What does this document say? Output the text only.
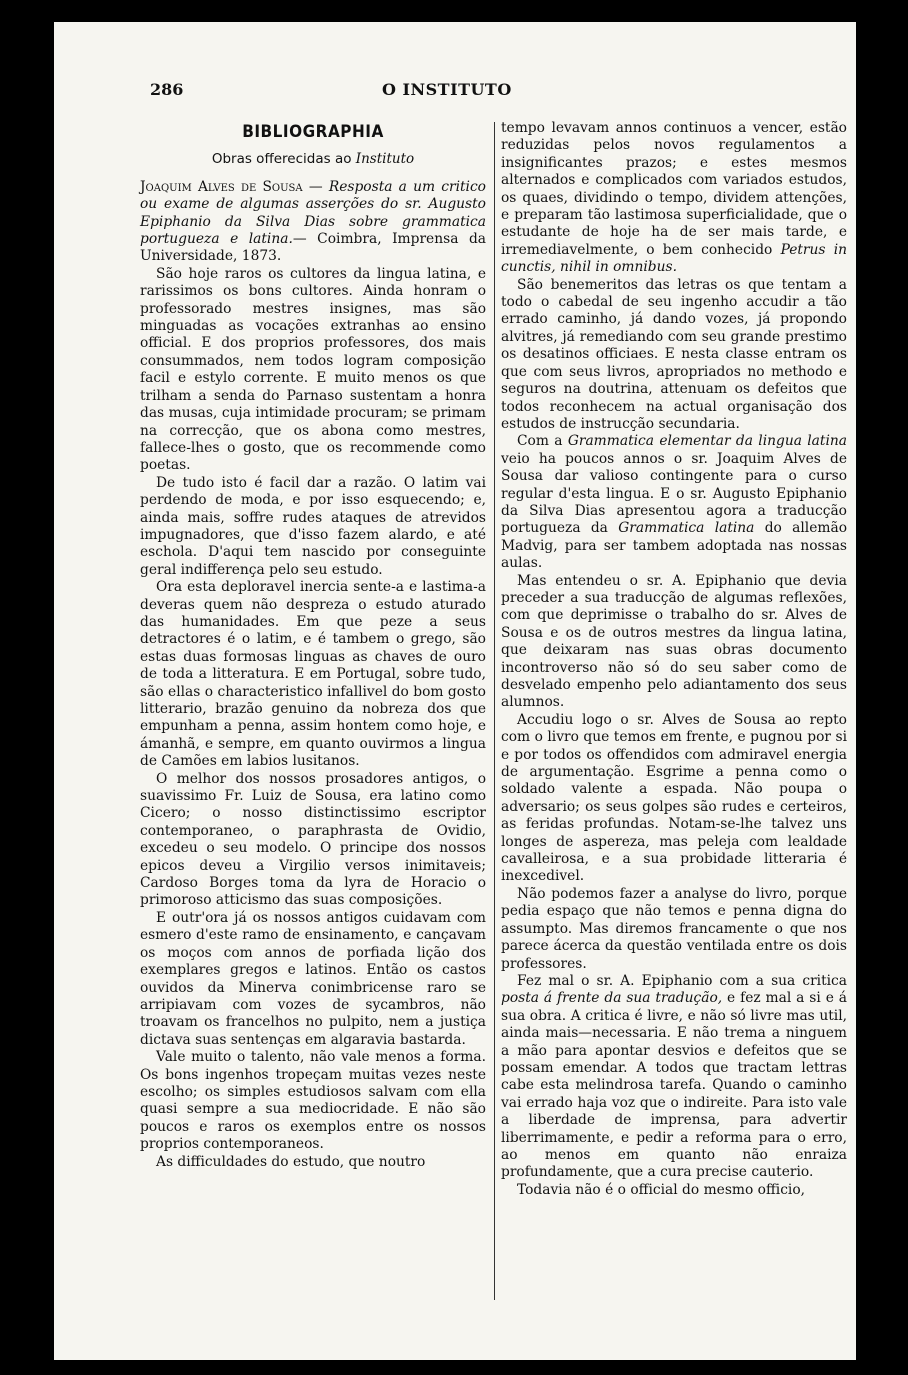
286	O INSTITUTO
BIBLIOGRAPHIA
Obras offerecidas ao Instituto

Joaquim Alves de Sousa — Resposta a um critico ou exame de algumas asserções do sr. Augusto Epiphanio da Silva Dias sobre grammatica portugueza e latina.— Coimbra, Imprensa da Universidade, 1873.

São hoje raros os cultores da lingua latina, e rarissimos os bons cultores. Ainda honram o professorado mestres insignes, mas são minguadas as vocações extranhas ao ensino official. E dos proprios professores, dos mais consummados, nem todos logram composição facil e estylo corrente. E muito menos os que trilham a senda do Parnaso sustentam a honra das musas, cuja intimidade procuram; se primam na correcção, que os abona como mestres, fallece-lhes o gosto, que os recommende como poetas.

De tudo isto é facil dar a razão. O latim vai perdendo de moda, e por isso esquecendo; e, ainda mais, soffre rudes ataques de atrevidos impugnadores, que d'isso fazem alardo, e até eschola. D'aqui tem nascido por conseguinte geral indifferença pelo seu estudo.

Ora esta deploravel inercia sente-a e lastima-a deveras quem não despreza o estudo aturado das humanidades. Em que peze a seus detractores é o latim, e é tambem o grego, são estas duas formosas linguas as chaves de ouro de toda a litteratura. E em Portugal, sobre tudo, são ellas o characteristico infallivel do bom gosto litterario, brazão genuino da nobreza dos que empunham a penna, assim hontem como hoje, e ámanhã, e sempre, em quanto ouvirmos a lingua de Camões em labios lusitanos.

O melhor dos nossos prosadores antigos, o suavissimo Fr. Luiz de Sousa, era latino como Cicero; o nosso distinctissimo escriptor contemporaneo, o paraphrasta de Ovidio, excedeu o seu modelo. O principe dos nossos epicos deveu a Virgilio versos inimitaveis; Cardoso Borges toma da lyra de Horacio o primoroso atticismo das suas composições.

E outr'ora já os nossos antigos cuidavam com esmero d'este ramo de ensinamento, e cançavam os moços com annos de porfiada lição dos exemplares gregos e latinos. Então os castos ouvidos da Minerva conimbricense raro se arripiavam com vozes de sycambros, não troavam os francelhos no pulpito, nem a justiça dictava suas sentenças em algaravia bastarda.

Vale muito o talento, não vale menos a forma. Os bons ingenhos tropeçam muitas vezes neste escolho; os simples estudiosos salvam com ella quasi sempre a sua mediocridade. E não são poucos e raros os exemplos entre os nossos proprios contemporaneos.

As difficuldades do estudo, que noutro

tempo levavam annos continuos a vencer, estão reduzidas pelos novos regulamentos a insignificantes prazos; e estes mesmos alternados e complicados com variados estudos, os quaes, dividindo o tempo, dividem attenções, e preparam tão lastimosa superficialidade, que o estudante de hoje ha de ser mais tarde, e irremediavelmente, o bem conhecido Petrus in cunctis, nihil in omnibus.

São benemeritos das letras os que tentam a todo o cabedal de seu ingenho accudir a tão errado caminho, já dando vozes, já propondo alvitres, já remediando com seu grande prestimo os desatinos officiaes. E nesta classe entram os que com seus livros, apropriados no methodo e seguros na doutrina, attenuam os defeitos que todos reconhecem na actual organisação dos estudos de instrucção secundaria.

Com a Grammatica elementar da lingua latina veio ha poucos annos o sr. Joaquim Alves de Sousa dar valioso contingente para o curso regular d'esta lingua. E o sr. Augusto Epiphanio da Silva Dias apresentou agora a traducção portugueza da Grammatica latina do allemão Madvig, para ser tambem adoptada nas nossas aulas.

Mas entendeu o sr. A. Epiphanio que devia preceder a sua traducção de algumas reflexões, com que deprimisse o trabalho do sr. Alves de Sousa e os de outros mestres da lingua latina, que deixaram nas suas obras documento incontroverso não só do seu saber como de desvelado empenho pelo adiantamento dos seus alumnos.

Accudiu logo o sr. Alves de Sousa ao repto com o livro que temos em frente, e pugnou por si e por todos os offendidos com admiravel energia de argumentação. Esgrime a penna como o soldado valente a espada. Não poupa o adversario; os seus golpes são rudes e certeiros, as feridas profundas. Notam-se-lhe talvez uns longes de aspereza, mas peleja com lealdade cavalleirosa, e a sua probidade litteraria é inexcedivel.

Não podemos fazer a analyse do livro, porque pedia espaço que não temos e penna digna do assumpto. Mas diremos francamente o que nos parece ácerca da questão ventilada entre os dois professores.

Fez mal o sr. A. Epiphanio com a sua critica posta á frente da sua tradução, e fez mal a si e á sua obra. A critica é livre, e não só livre mas util, ainda mais—necessaria. E não trema a ninguem a mão para apontar desvios e defeitos que se possam emendar. A todos que tractam lettras cabe esta melindrosa tarefa. Quando o caminho vai errado haja voz que o indireite. Para isto vale a liberdade de imprensa, para advertir liberrimamente, e pedir a reforma para o erro, ao menos em quanto não enraiza profundamente, que a cura precise cauterio.

Todavia não é o official do mesmo officio,
